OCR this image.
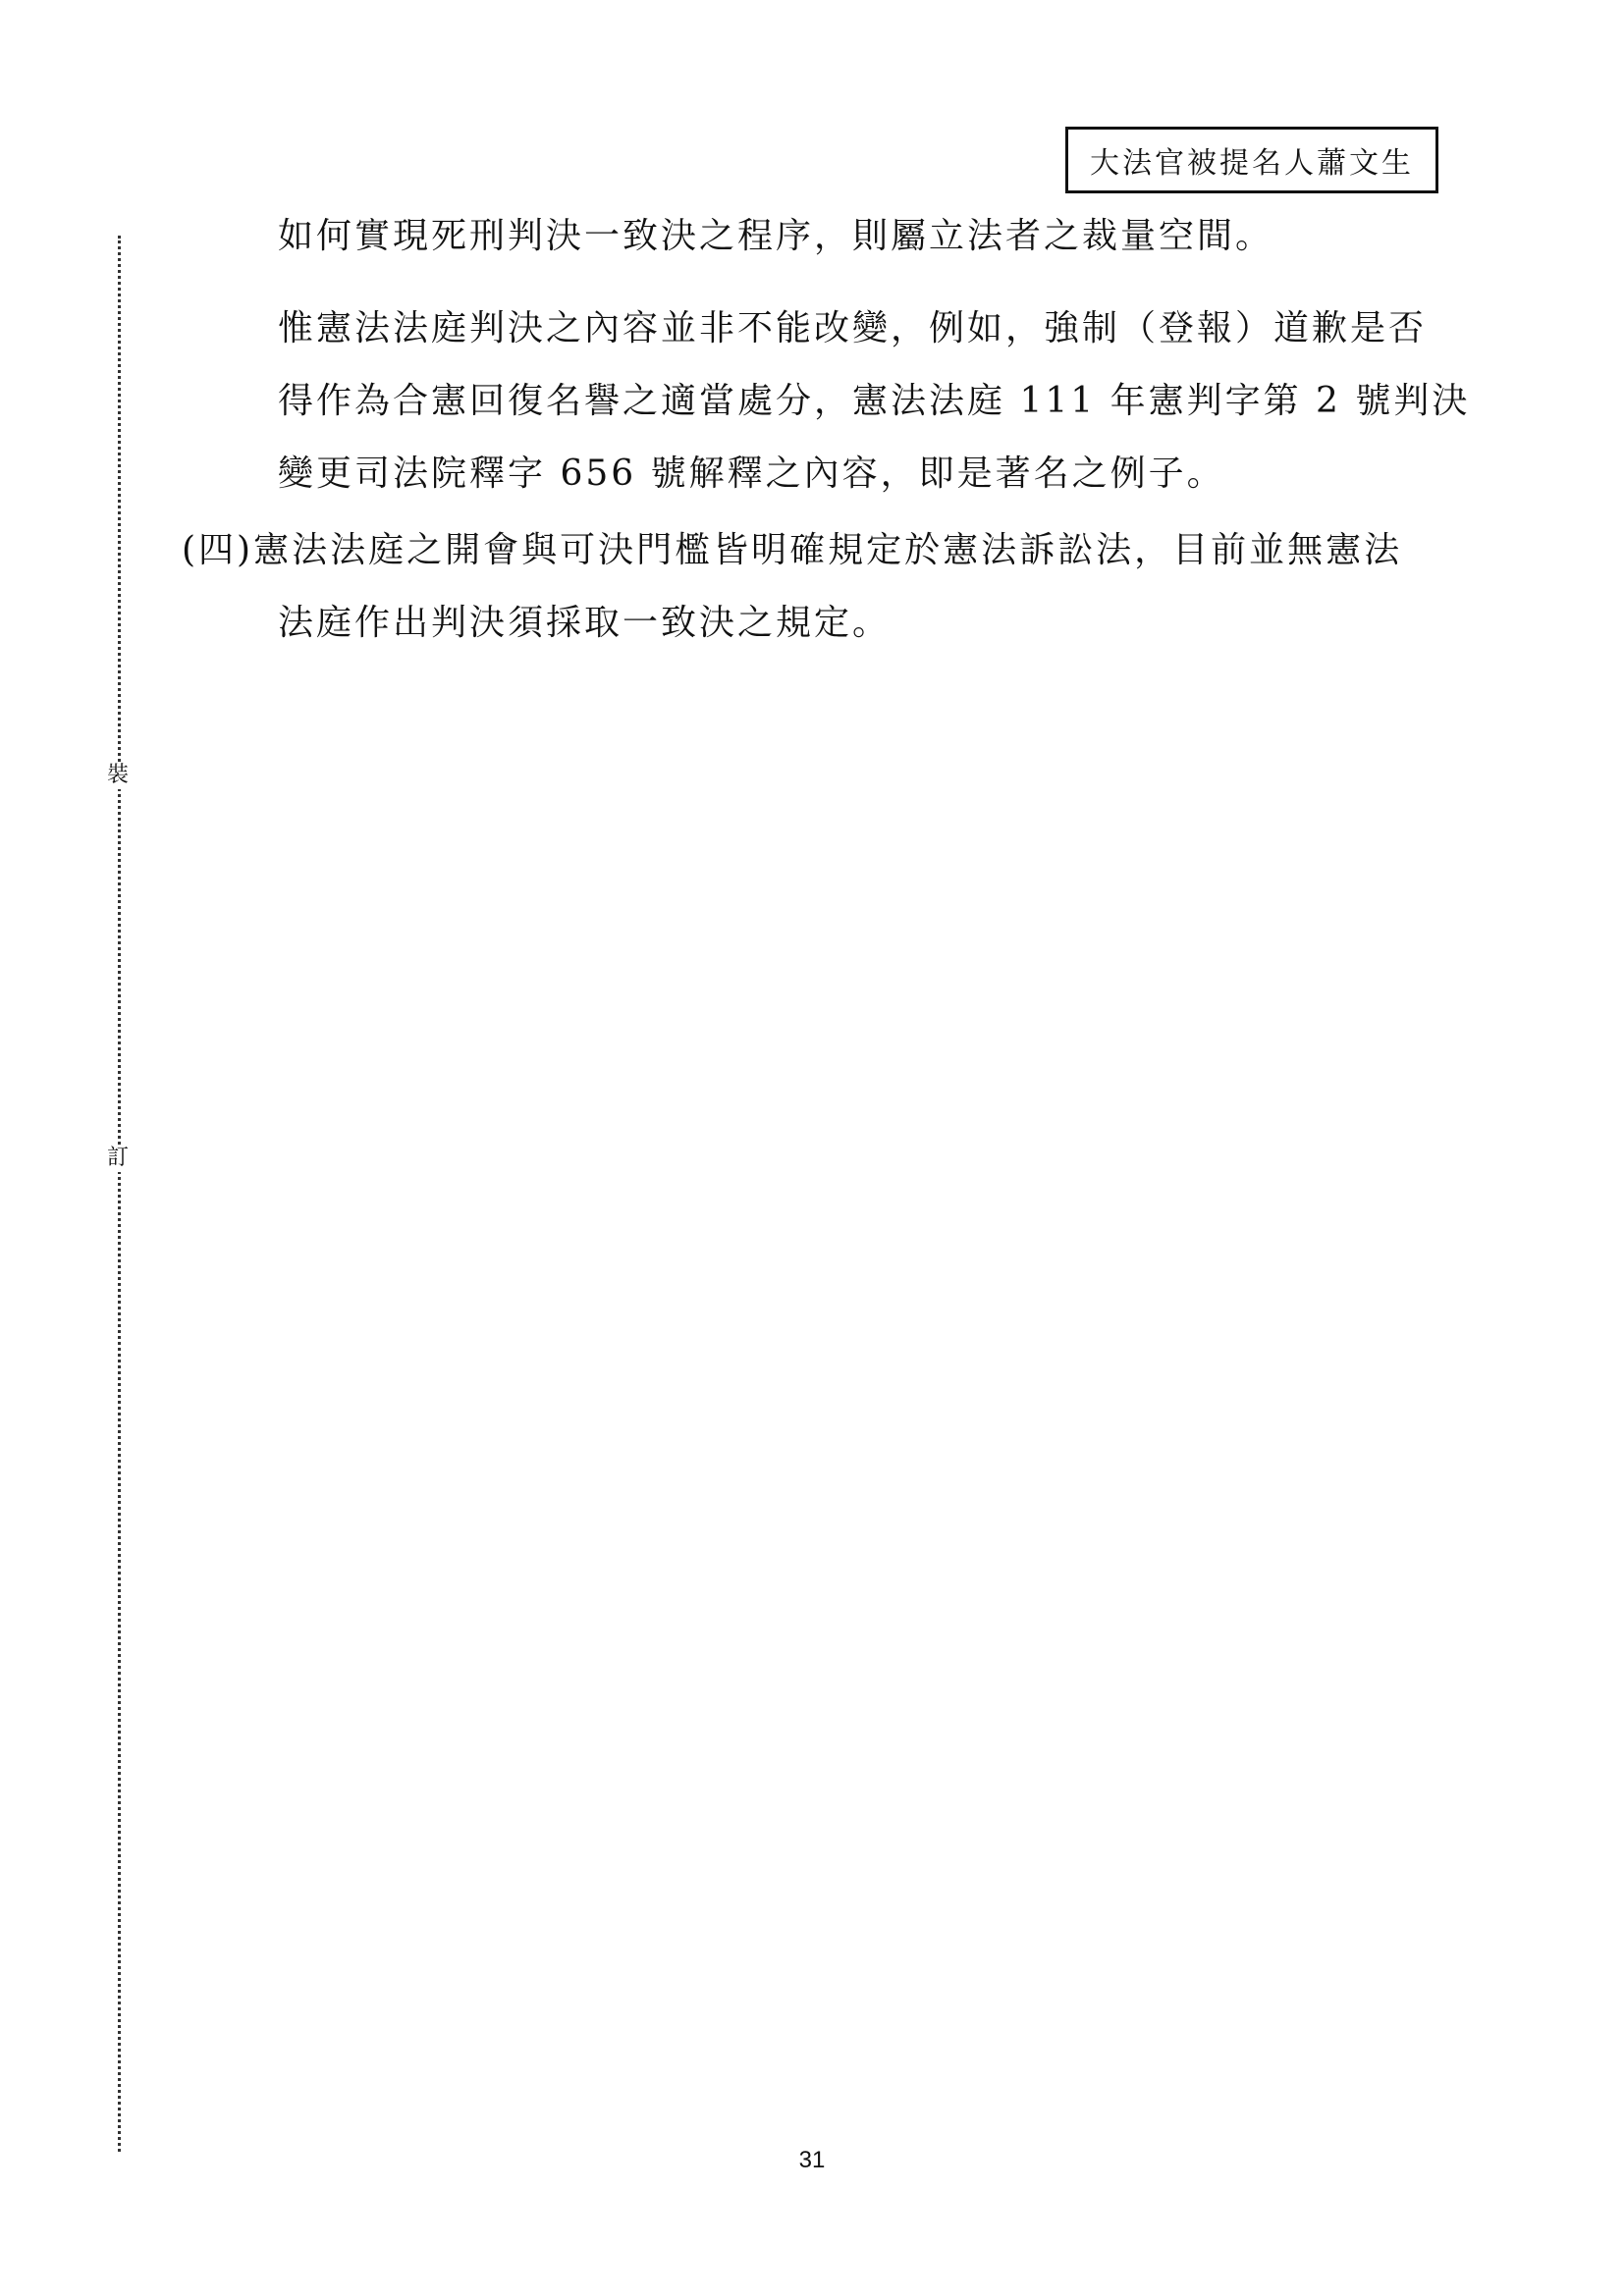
大法官被提名人蕭文生
裝
訂
如何實現死刑判決一致決之程序，則屬立法者之裁量空間。
惟憲法法庭判決之內容並非不能改變，例如，強制（登報）道歉是否
得作為合憲回復名譽之適當處分，憲法法庭 111 年憲判字第 2 號判決
變更司法院釋字 656 號解釋之內容，即是著名之例子。
(四)憲法法庭之開會與可決門檻皆明確規定於憲法訴訟法，目前並無憲法
法庭作出判決須採取一致決之規定。
31
